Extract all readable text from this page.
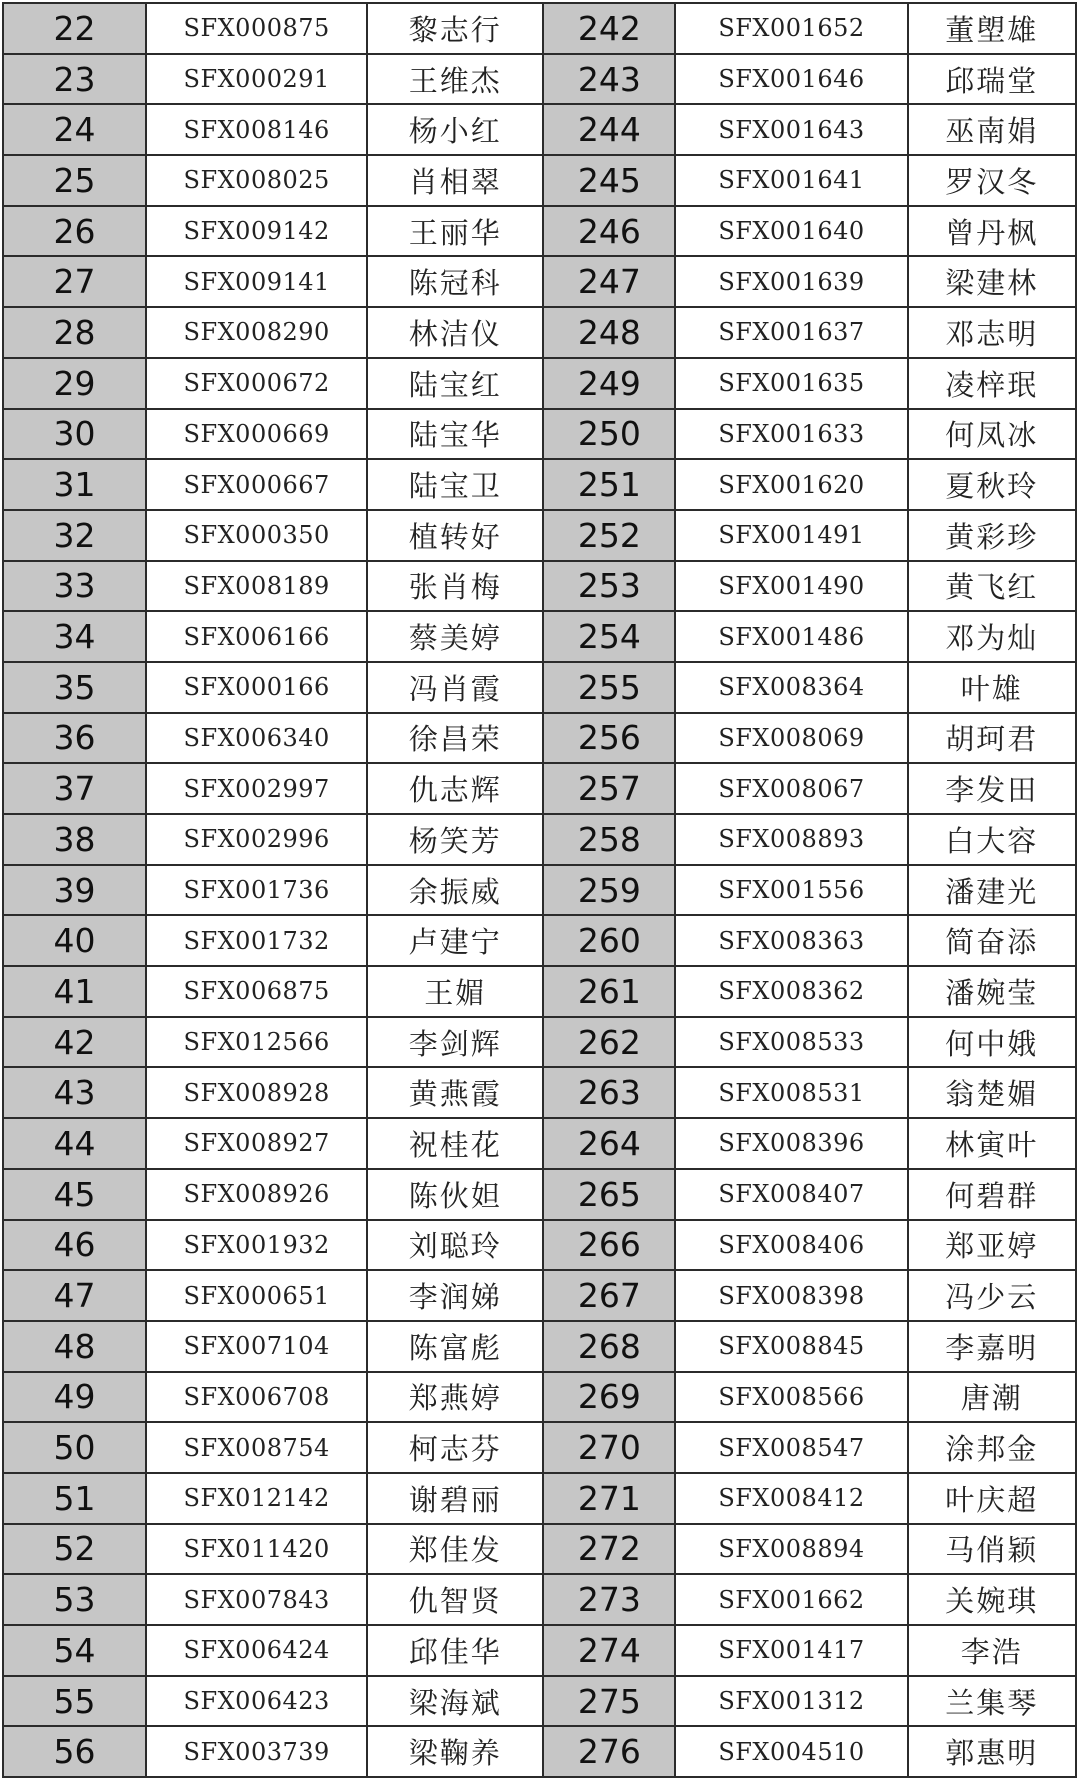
22	SFX000875	黎志行	242	SFX001652	董塱雄
23	SFX000291	王维杰	243	SFX001646	邱瑞堂
24	SFX008146	杨小红	244	SFX001643	巫南娟
25	SFX008025	肖相翠	245	SFX001641	罗汉冬
26	SFX009142	王丽华	246	SFX001640	曾丹枫
27	SFX009141	陈冠科	247	SFX001639	梁建林
28	SFX008290	林洁仪	248	SFX001637	邓志明
29	SFX000672	陆宝红	249	SFX001635	凌梓珉
30	SFX000669	陆宝华	250	SFX001633	何凤冰
31	SFX000667	陆宝卫	251	SFX001620	夏秋玲
32	SFX000350	植转好	252	SFX001491	黄彩珍
33	SFX008189	张肖梅	253	SFX001490	黄飞红
34	SFX006166	蔡美婷	254	SFX001486	邓为灿
35	SFX000166	冯肖霞	255	SFX008364	叶雄
36	SFX006340	徐昌荣	256	SFX008069	胡珂君
37	SFX002997	仇志辉	257	SFX008067	李发田
38	SFX002996	杨笑芳	258	SFX008893	白大容
39	SFX001736	余振威	259	SFX001556	潘建光
40	SFX001732	卢建宁	260	SFX008363	简奋添
41	SFX006875	王媚	261	SFX008362	潘婉莹
42	SFX012566	李剑辉	262	SFX008533	何中娥
43	SFX008928	黄燕霞	263	SFX008531	翁楚媚
44	SFX008927	祝桂花	264	SFX008396	林寅叶
45	SFX008926	陈伙妲	265	SFX008407	何碧群
46	SFX001932	刘聪玲	266	SFX008406	郑亚婷
47	SFX000651	李润娣	267	SFX008398	冯少云
48	SFX007104	陈富彪	268	SFX008845	李嘉明
49	SFX006708	郑燕婷	269	SFX008566	唐潮
50	SFX008754	柯志芬	270	SFX008547	涂邦金
51	SFX012142	谢碧丽	271	SFX008412	叶庆超
52	SFX011420	郑佳发	272	SFX008894	马俏颖
53	SFX007843	仇智贤	273	SFX001662	关婉琪
54	SFX006424	邱佳华	274	SFX001417	李浩
55	SFX006423	梁海斌	275	SFX001312	兰集琴
56	SFX003739	梁鞠养	276	SFX004510	郭惠明
